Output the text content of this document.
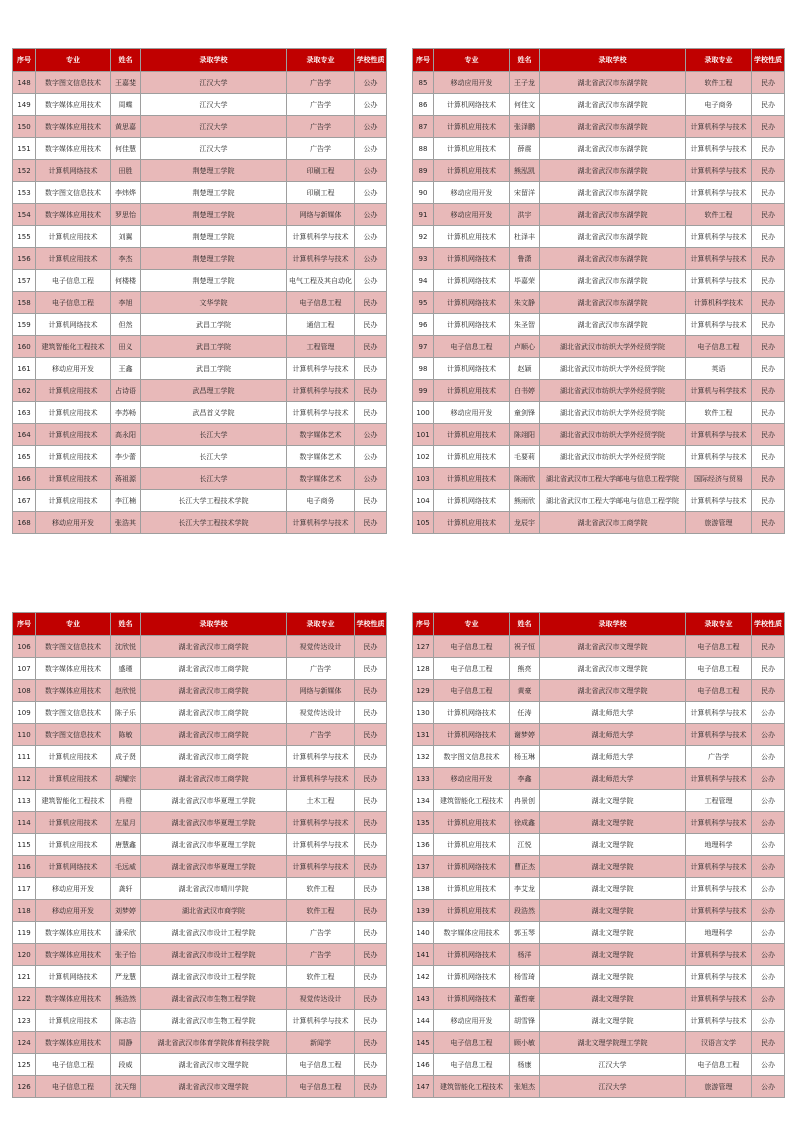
序号	专业	姓名	录取学校	录取专业	学校性质
148	数字图文信息技术	王嘉斐	江汉大学	广告学	公办
149	数字媒体应用技术	周蝶	江汉大学	广告学	公办
150	数字媒体应用技术	黄思嘉	江汉大学	广告学	公办
151	数字媒体应用技术	何佳慧	江汉大学	广告学	公办
152	计算机网络技术	田胜	荆楚理工学院	印刷工程	公办
153	数字图文信息技术	李炜烨	荆楚理工学院	印刷工程	公办
154	数字媒体应用技术	罗思怡	荆楚理工学院	网络与新媒体	公办
155	计算机应用技术	刘翼	荆楚理工学院	计算机科学与技术	公办
156	计算机应用技术	李杰	荆楚理工学院	计算机科学与技术	公办
157	电子信息工程	何楼楼	荆楚理工学院	电气工程及其自动化	公办
158	电子信息工程	李旭	文华学院	电子信息工程	民办
159	计算机网络技术	但然	武昌工学院	通信工程	民办
160	建筑智能化工程技术	田义	武昌工学院	工程管理	民办
161	移动应用开发	王鑫	武昌工学院	计算机科学与技术	民办
162	计算机应用技术	占诗语	武昌理工学院	计算机科学与技术	民办
163	计算机应用技术	李苏畅	武昌首义学院	计算机科学与技术	民办
164	计算机应用技术	高永阳	长江大学	数字媒体艺术	公办
165	计算机应用技术	李少蕾	长江大学	数字媒体艺术	公办
166	计算机应用技术	蒋祖源	长江大学	数字媒体艺术	公办
167	计算机应用技术	李江楠	长江大学工程技术学院	电子商务	民办
168	移动应用开发	张浩其	长江大学工程技术学院	计算机科学与技术	民办
序号	专业	姓名	录取学校	录取专业	学校性质
85	移动应用开发	王子龙	湖北省武汉市东湖学院	软件工程	民办
86	计算机网络技术	何佳文	湖北省武汉市东湖学院	电子商务	民办
87	计算机应用技术	张泽鹏	湖北省武汉市东湖学院	计算机科学与技术	民办
88	计算机应用技术	薛震	湖北省武汉市东湖学院	计算机科学与技术	民办
89	计算机应用技术	熊泓凯	湖北省武汉市东湖学院	计算机科学与技术	民办
90	移动应用开发	宋留洋	湖北省武汉市东湖学院	计算机科学与技术	民办
91	移动应用开发	洪宇	湖北省武汉市东湖学院	软件工程	民办
92	计算机应用技术	杜泽丰	湖北省武汉市东湖学院	计算机科学与技术	民办
93	计算机网络技术	鲁潇	湖北省武汉市东湖学院	计算机科学与技术	民办
94	计算机网络技术	毕嘉荣	湖北省武汉市东湖学院	计算机科学与技术	民办
95	计算机网络技术	朱文静	湖北省武汉市东湖学院	计算机科学技术	民办
96	计算机网络技术	朱圣智	湖北省武汉市东湖学院	计算机科学与技术	民办
97	电子信息工程	卢顺心	湖北省武汉市纺织大学外经贸学院	电子信息工程	民办
98	计算机网络技术	赵颖	湖北省武汉市纺织大学外经贸学院	英语	民办
99	计算机应用技术	白书婷	湖北省武汉市纺织大学外经贸学院	计算机与科学技术	民办
100	移动应用开发	童剑锋	湖北省武汉市纺织大学外经贸学院	软件工程	民办
101	计算机应用技术	陈翊阳	湖北省武汉市纺织大学外经贸学院	计算机科学与技术	民办
102	计算机应用技术	毛要莉	湖北省武汉市纺织大学外经贸学院	计算机科学与技术	民办
103	计算机应用技术	陈雨欣	湖北省武汉市工程大学邮电与信息工程学院	国际经济与贸易	民办
104	计算机网络技术	熊雨欣	湖北省武汉市工程大学邮电与信息工程学院	计算机科学与技术	民办
105	计算机应用技术	龙辰宇	湖北省武汉市工商学院	旅游管理	民办
序号	专业	姓名	录取学校	录取专业	学校性质
106	数字图文信息技术	沈欣悦	湖北省武汉市工商学院	视觉传达设计	民办
107	数字媒体应用技术	盛瑾	湖北省武汉市工商学院	广告学	民办
108	数字媒体应用技术	赵欣悦	湖北省武汉市工商学院	网络与新媒体	民办
109	数字图文信息技术	陈子乐	湖北省武汉市工商学院	视觉传达设计	民办
110	数字图文信息技术	陈敏	湖北省武汉市工商学院	广告学	民办
111	计算机应用技术	成子贤	湖北省武汉市工商学院	计算机科学与技术	民办
112	计算机应用技术	胡耀宗	湖北省武汉市工商学院	计算机科学与技术	民办
113	建筑智能化工程技术	肖橙	湖北省武汉市华夏理工学院	土木工程	民办
114	计算机应用技术	左星月	湖北省武汉市华夏理工学院	计算机科学与技术	民办
115	计算机应用技术	唐慧鑫	湖北省武汉市华夏理工学院	计算机科学与技术	民办
116	计算机网络技术	毛远威	湖北省武汉市华夏理工学院	计算机科学与技术	民办
117	移动应用开发	龚轩	湖北省武汉市晴川学院	软件工程	民办
118	移动应用开发	刘梦婷	湖北省武汉市商学院	软件工程	民办
119	数字媒体应用技术	潘采欣	湖北省武汉市设计工程学院	广告学	民办
120	数字媒体应用技术	张子怡	湖北省武汉市设计工程学院	广告学	民办
121	计算机网络技术	严龙慧	湖北省武汉市设计工程学院	软件工程	民办
122	数字媒体应用技术	熊浩然	湖北省武汉市生物工程学院	视觉传达设计	民办
123	计算机应用技术	陈志浩	湖北省武汉市生物工程学院	计算机科学与技术	民办
124	数字媒体应用技术	周静	湖北省武汉市体育学院体育科技学院	新闻学	民办
125	电子信息工程	段威	湖北省武汉市文理学院	电子信息工程	民办
126	电子信息工程	沈天翔	湖北省武汉市文理学院	电子信息工程	民办
序号	专业	姓名	录取学校	录取专业	学校性质
127	电子信息工程	祝子恒	湖北省武汉市文理学院	电子信息工程	民办
128	电子信息工程	熊亮	湖北省武汉市文理学院	电子信息工程	民办
129	电子信息工程	黄豪	湖北省武汉市文理学院	电子信息工程	民办
130	计算机网络技术	任涛	湖北师范大学	计算机科学与技术	公办
131	计算机网络技术	谢梦婷	湖北师范大学	计算机科学与技术	公办
132	数字图文信息技术	杨玉琳	湖北师范大学	广告学	公办
133	移动应用开发	李鑫	湖北师范大学	计算机科学与技术	公办
134	建筑智能化工程技术	冉景创	湖北文理学院	工程管理	公办
135	计算机应用技术	徐成鑫	湖北文理学院	计算机科学与技术	公办
136	计算机应用技术	江悦	湖北文理学院	地理科学	公办
137	计算机网络技术	曹正杰	湖北文理学院	计算机科学与技术	公办
138	计算机应用技术	李艾龙	湖北文理学院	计算机科学与技术	公办
139	计算机应用技术	段浩然	湖北文理学院	计算机科学与技术	公办
140	数字媒体应用技术	郭玉琴	湖北文理学院	地理科学	公办
141	计算机网络技术	杨洋	湖北文理学院	计算机科学与技术	公办
142	计算机网络技术	杨雪琦	湖北文理学院	计算机科学与技术	公办
143	计算机网络技术	董哲豪	湖北文理学院	计算机科学与技术	公办
144	移动应用开发	胡雪锋	湖北文理学院	计算机科学与技术	公办
145	电子信息工程	顾小敏	湖北文理学院理工学院	汉语言文学	民办
146	电子信息工程	杨康	江汉大学	电子信息工程	公办
147	建筑智能化工程技术	张旭杰	江汉大学	旅游管理	公办
